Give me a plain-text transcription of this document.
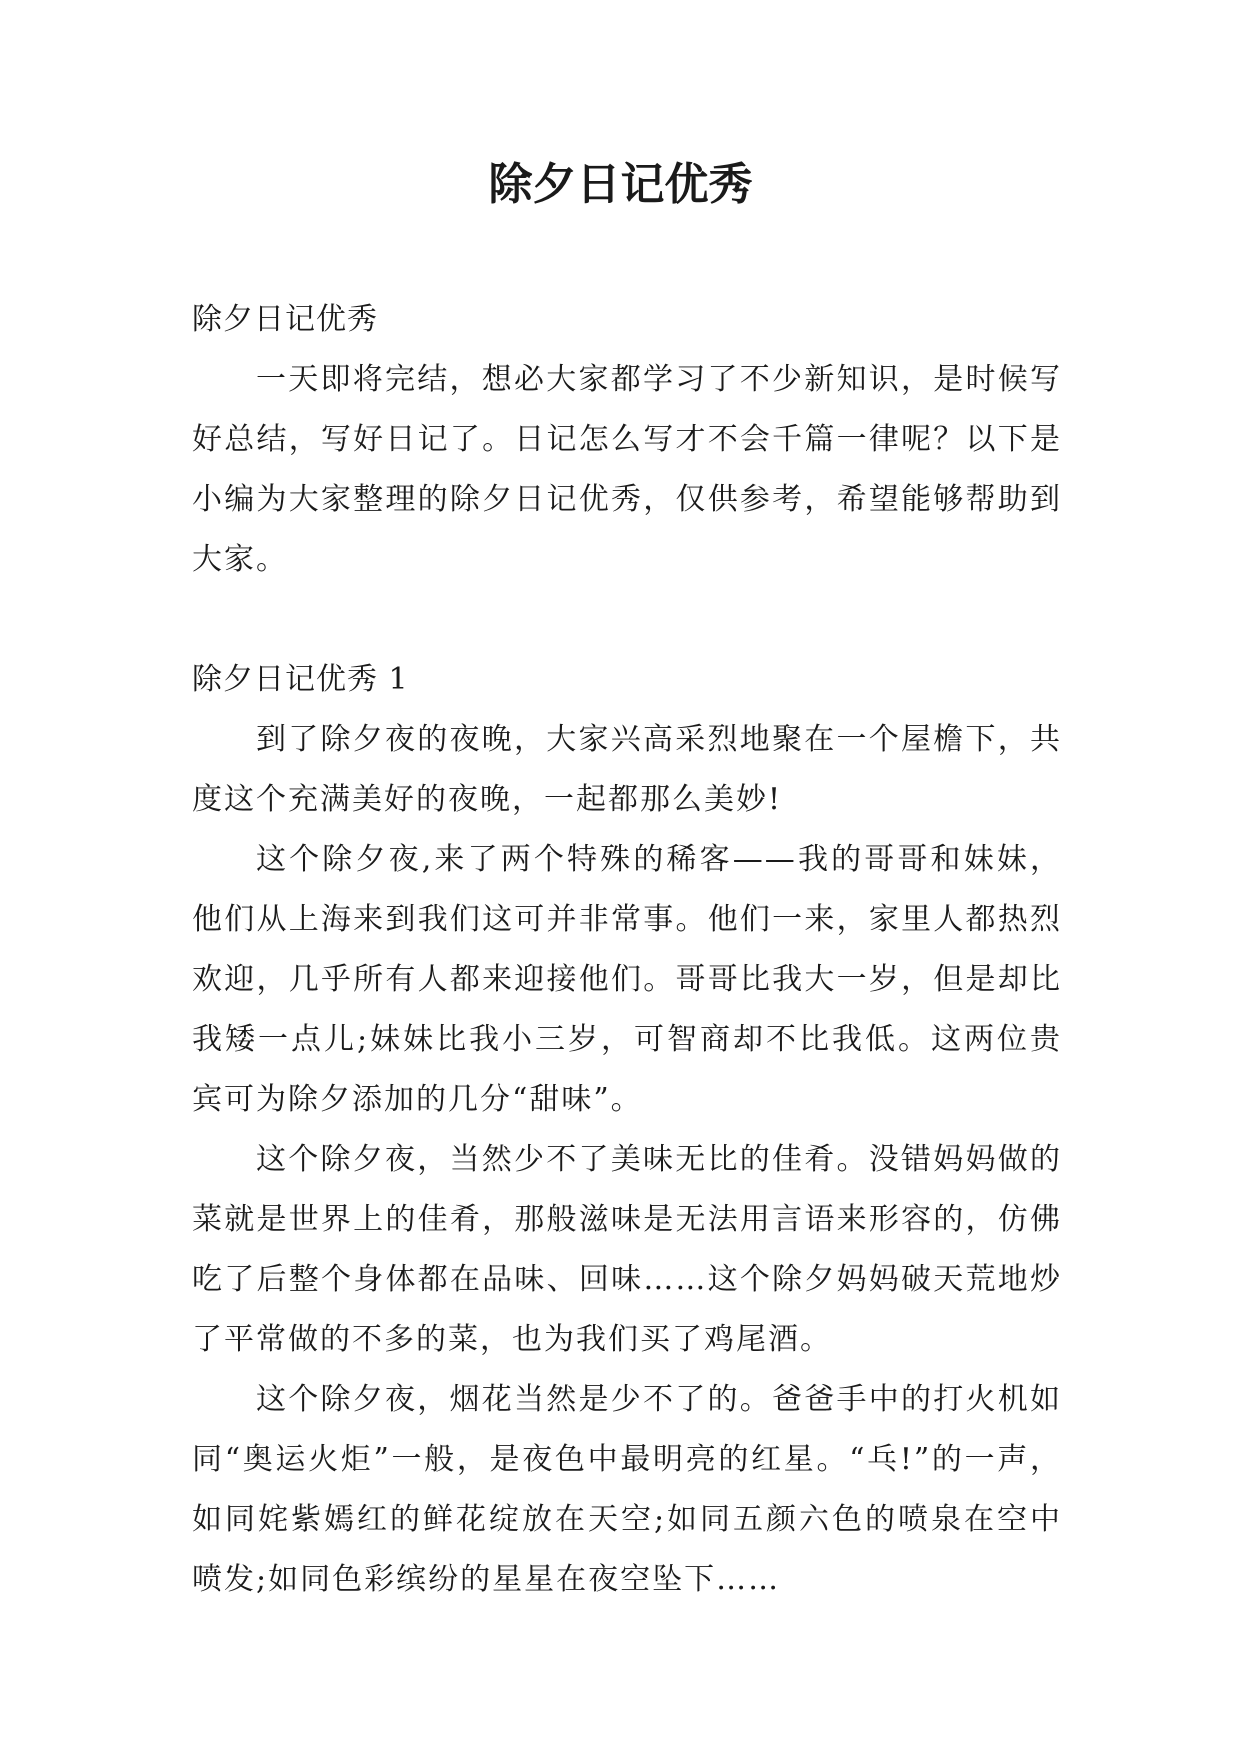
除夕日记优秀

除夕日记优秀

一天即将完结，想必大家都学习了不少新知识，是时候写好总结，写好日记了。日记怎么写才不会千篇一律呢？以下是小编为大家整理的除夕日记优秀，仅供参考，希望能够帮助到大家。

除夕日记优秀 1

到了除夕夜的夜晚，大家兴高采烈地聚在一个屋檐下，共度这个充满美好的夜晚，一起都那么美妙!

这个除夕夜,来了两个特殊的稀客——我的哥哥和妹妹，他们从上海来到我们这可并非常事。他们一来，家里人都热烈欢迎，几乎所有人都来迎接他们。哥哥比我大一岁，但是却比我矮一点儿;妹妹比我小三岁，可智商却不比我低。这两位贵宾可为除夕添加的几分“甜味”。

这个除夕夜，当然少不了美味无比的佳肴。没错妈妈做的菜就是世界上的佳肴，那般滋味是无法用言语来形容的，仿佛吃了后整个身体都在品味、回味……这个除夕妈妈破天荒地炒了平常做的不多的菜，也为我们买了鸡尾酒。

这个除夕夜，烟花当然是少不了的。爸爸手中的打火机如同“奥运火炬”一般，是夜色中最明亮的红星。“乓!”的一声，如同姹紫嫣红的鲜花绽放在天空;如同五颜六色的喷泉在空中喷发;如同色彩缤纷的星星在夜空坠下……
